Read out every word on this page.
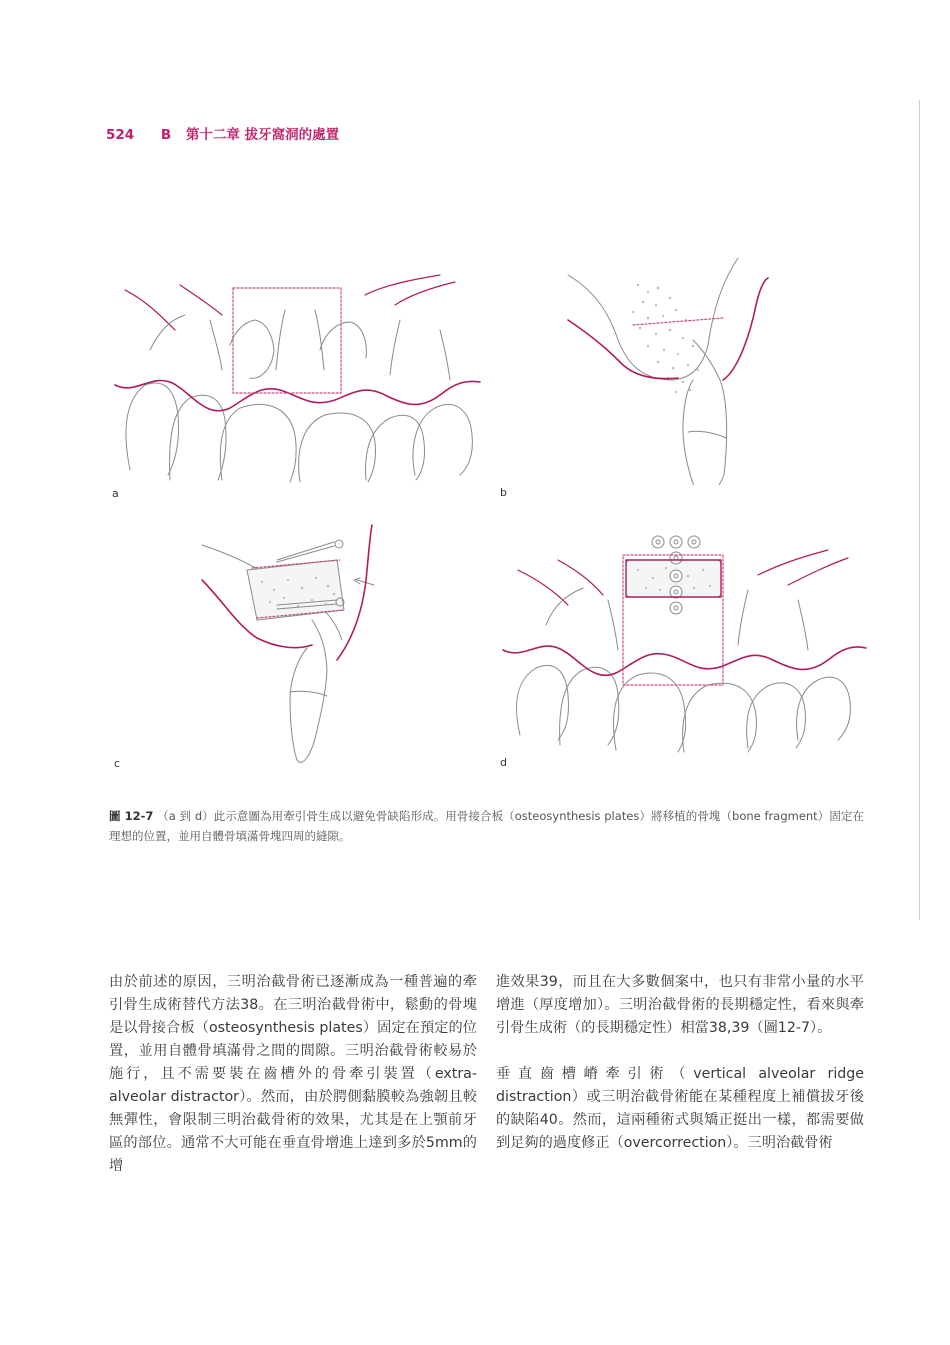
524 B 第十二章 拔牙窩洞的處置
a	b
c	d
圖 12-7 （a 到 d）此示意圖為用牽引骨生成以避免骨缺陷形成。用骨接合板（osteosynthesis plates）將移植的骨塊（bone fragment）固定在理想的位置，並用自體骨填滿骨塊四周的縫隙。

由於前述的原因，三明治截骨術已逐漸成為一種普遍的牽引骨生成術替代方法38。在三明治截骨術中，鬆動的骨塊是以骨接合板（osteosynthesis plates）固定在預定的位置，並用自體骨填滿骨之間的間隙。三明治截骨術較易於施行，且不需要裝在齒槽外的骨牽引裝置（extra-alveolar distractor）。然而，由於腭側黏膜較為強韌且較無彈性，會限制三明治截骨術的效果，尤其是在上顎前牙區的部位。通常不大可能在垂直骨增進上達到多於5mm的增

進效果39，而且在大多數個案中，也只有非常小量的水平增進（厚度增加）。三明治截骨術的長期穩定性，看來與牽引骨生成術（的長期穩定性）相當38,39（圖12-7）。

垂直齒槽嵴牽引術（vertical alveolar ridge distraction）或三明治截骨術能在某種程度上補償拔牙後的缺陷40。然而，這兩種術式與矯正挺出一樣，都需要做到足夠的過度修正（overcorrection）。三明治截骨術
